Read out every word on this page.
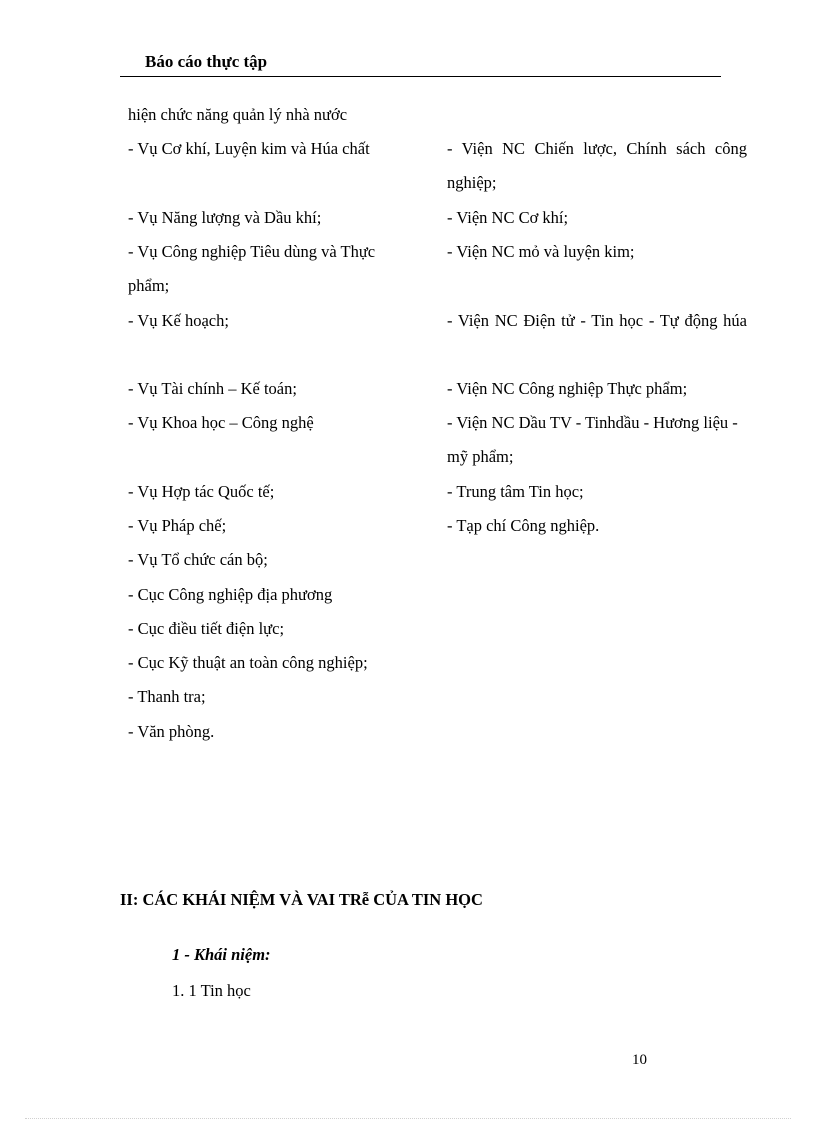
Báo cáo thực tập
hiện chức năng quản lý nhà nước
- Vụ Cơ khí, Luyện kim và Húa chất
- Vụ Năng lượng và Dầu khí;
- Vụ Công nghiệp Tiêu dùng và Thực
phẩm;
- Vụ Kế hoạch;
- Vụ Tài chính – Kế toán;
- Vụ Khoa học – Công nghệ
- Vụ Hợp tác Quốc tế;
- Vụ Pháp chế;
- Vụ Tổ chức cán bộ;
- Cục Công nghiệp địa phương
- Cục điều tiết điện lực;
- Cục Kỹ thuật an toàn công nghiệp;
- Thanh tra;
- Văn phòng.
- Viện NC Chiến lược, Chính sách công nghiệp;
- Viện NC Cơ khí;
- Viện NC mỏ và luyện kim;
- Viện NC Điện tử - Tin học - Tự động húa
- Viện NC Công nghiệp Thực phẩm;
- Viện NC Dầu TV - Tinhdầu - Hương liệu - mỹ phẩm;
- Trung tâm Tin học;
- Tạp chí Công nghiệp.
II: CÁC KHÁI NIỆM VÀ VAI TRễ CỦA TIN HỌC
1 - Khái niệm:
1. 1 Tin học
10
